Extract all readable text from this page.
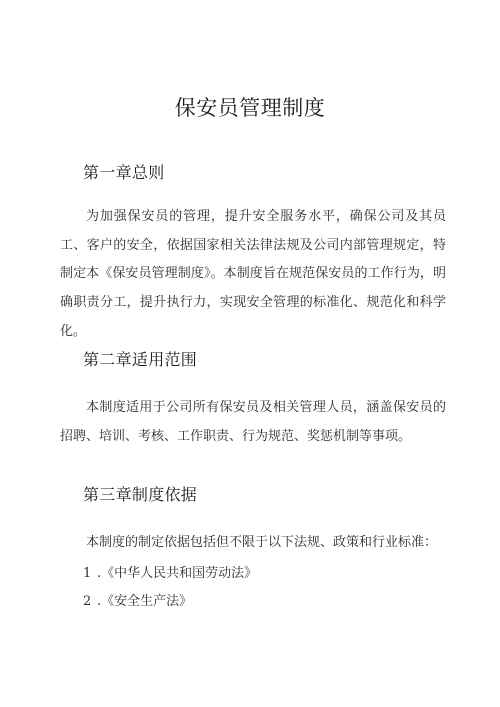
保安员管理制度
第一章总则

为加强保安员的管理，提升安全服务水平，确保公司及其员工、客户的安全，依据国家相关法律法规及公司内部管理规定，特制定本《保安员管理制度》。本制度旨在规范保安员的工作行为，明确职责分工，提升执行力，实现安全管理的标准化、规范化和科学化。

第二章适用范围

本制度适用于公司所有保安员及相关管理人员，涵盖保安员的招聘、培训、考核、工作职责、行为规范、奖惩机制等事项。

第三章制度依据

本制度的制定依据包括但不限于以下法规、政策和行业标准：

1 .《中华人民共和国劳动法》
2 .《安全生产法》
